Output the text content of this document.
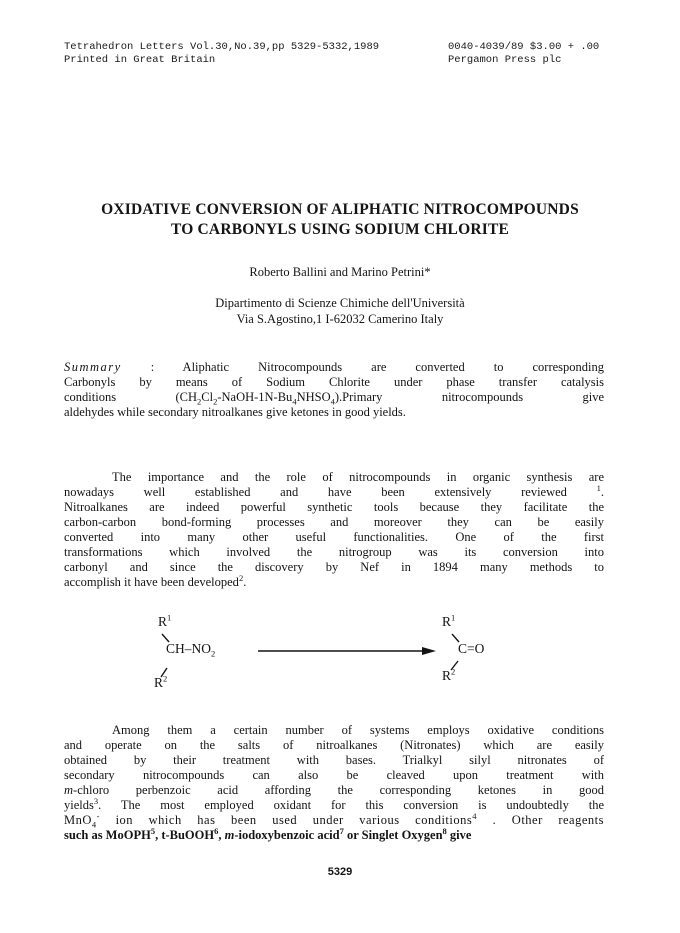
Tetrahedron Letters Vol.30,No.39,pp 5329-5332,1989
Printed in Great Britain
0040-4039/89 $3.00 + .00
Pergamon Press plc
OXIDATIVE CONVERSION OF ALIPHATIC NITROCOMPOUNDS
TO CARBONYLS USING SODIUM CHLORITE
Roberto Ballini and Marino Petrini*
Dipartimento di Scienze Chimiche dell'Università
Via S.Agostino,1 I-62032 Camerino Italy
Summary : Aliphatic Nitrocompounds are converted to corresponding
Carbonyls by means of Sodium Chlorite under phase transfer catalysis
conditions $(CH_2Cl_2-NaOH-1N-Bu_4NHSO_4).Primary$ nitrocompounds give
aldehydes while secondary nitroalkanes give ketones in good yields.
The importance and the role of nitrocompounds in organic synthesis are
nowadays well established and have been extensively reviewed	$^1$.
Nitroalkanes are indeed powerful synthetic tools because they facilitate the
carbon-carbon bond-forming processes and moreover they can be easily
converted into many other useful functionalities. One of the first
transformations which involved the nitrogroup was its conversion into
carbonyl and since the discovery by Nef in 1894 many methods to
accomplish it have been developed$^2$.
$R^1$
$CH-NO_2$
$R^2$
$R^1$
C=O
$R^2$
Among them a certain number of systems employs oxidative conditions
and operate on the salts of nitroalkanes (Nitronates) which are easily
obtained by their treatment with bases. Trialkyl silyl nitronates of
secondary nitrocompounds can also be cleaved upon treatment with
m-chloro perbenzoic acid affording the corresponding ketones in good
yields$^3$. The most employed oxidant for this conversion is undoubtedly the
MnO$_4$- ion which has been used under various conditions$^4$ . Other reagents
such as MoOPH$^5$, t-BuOOH$^6$, m-iodoxybenzoic acid$^7$ or Singlet Oxygen$^8$ give
5329
